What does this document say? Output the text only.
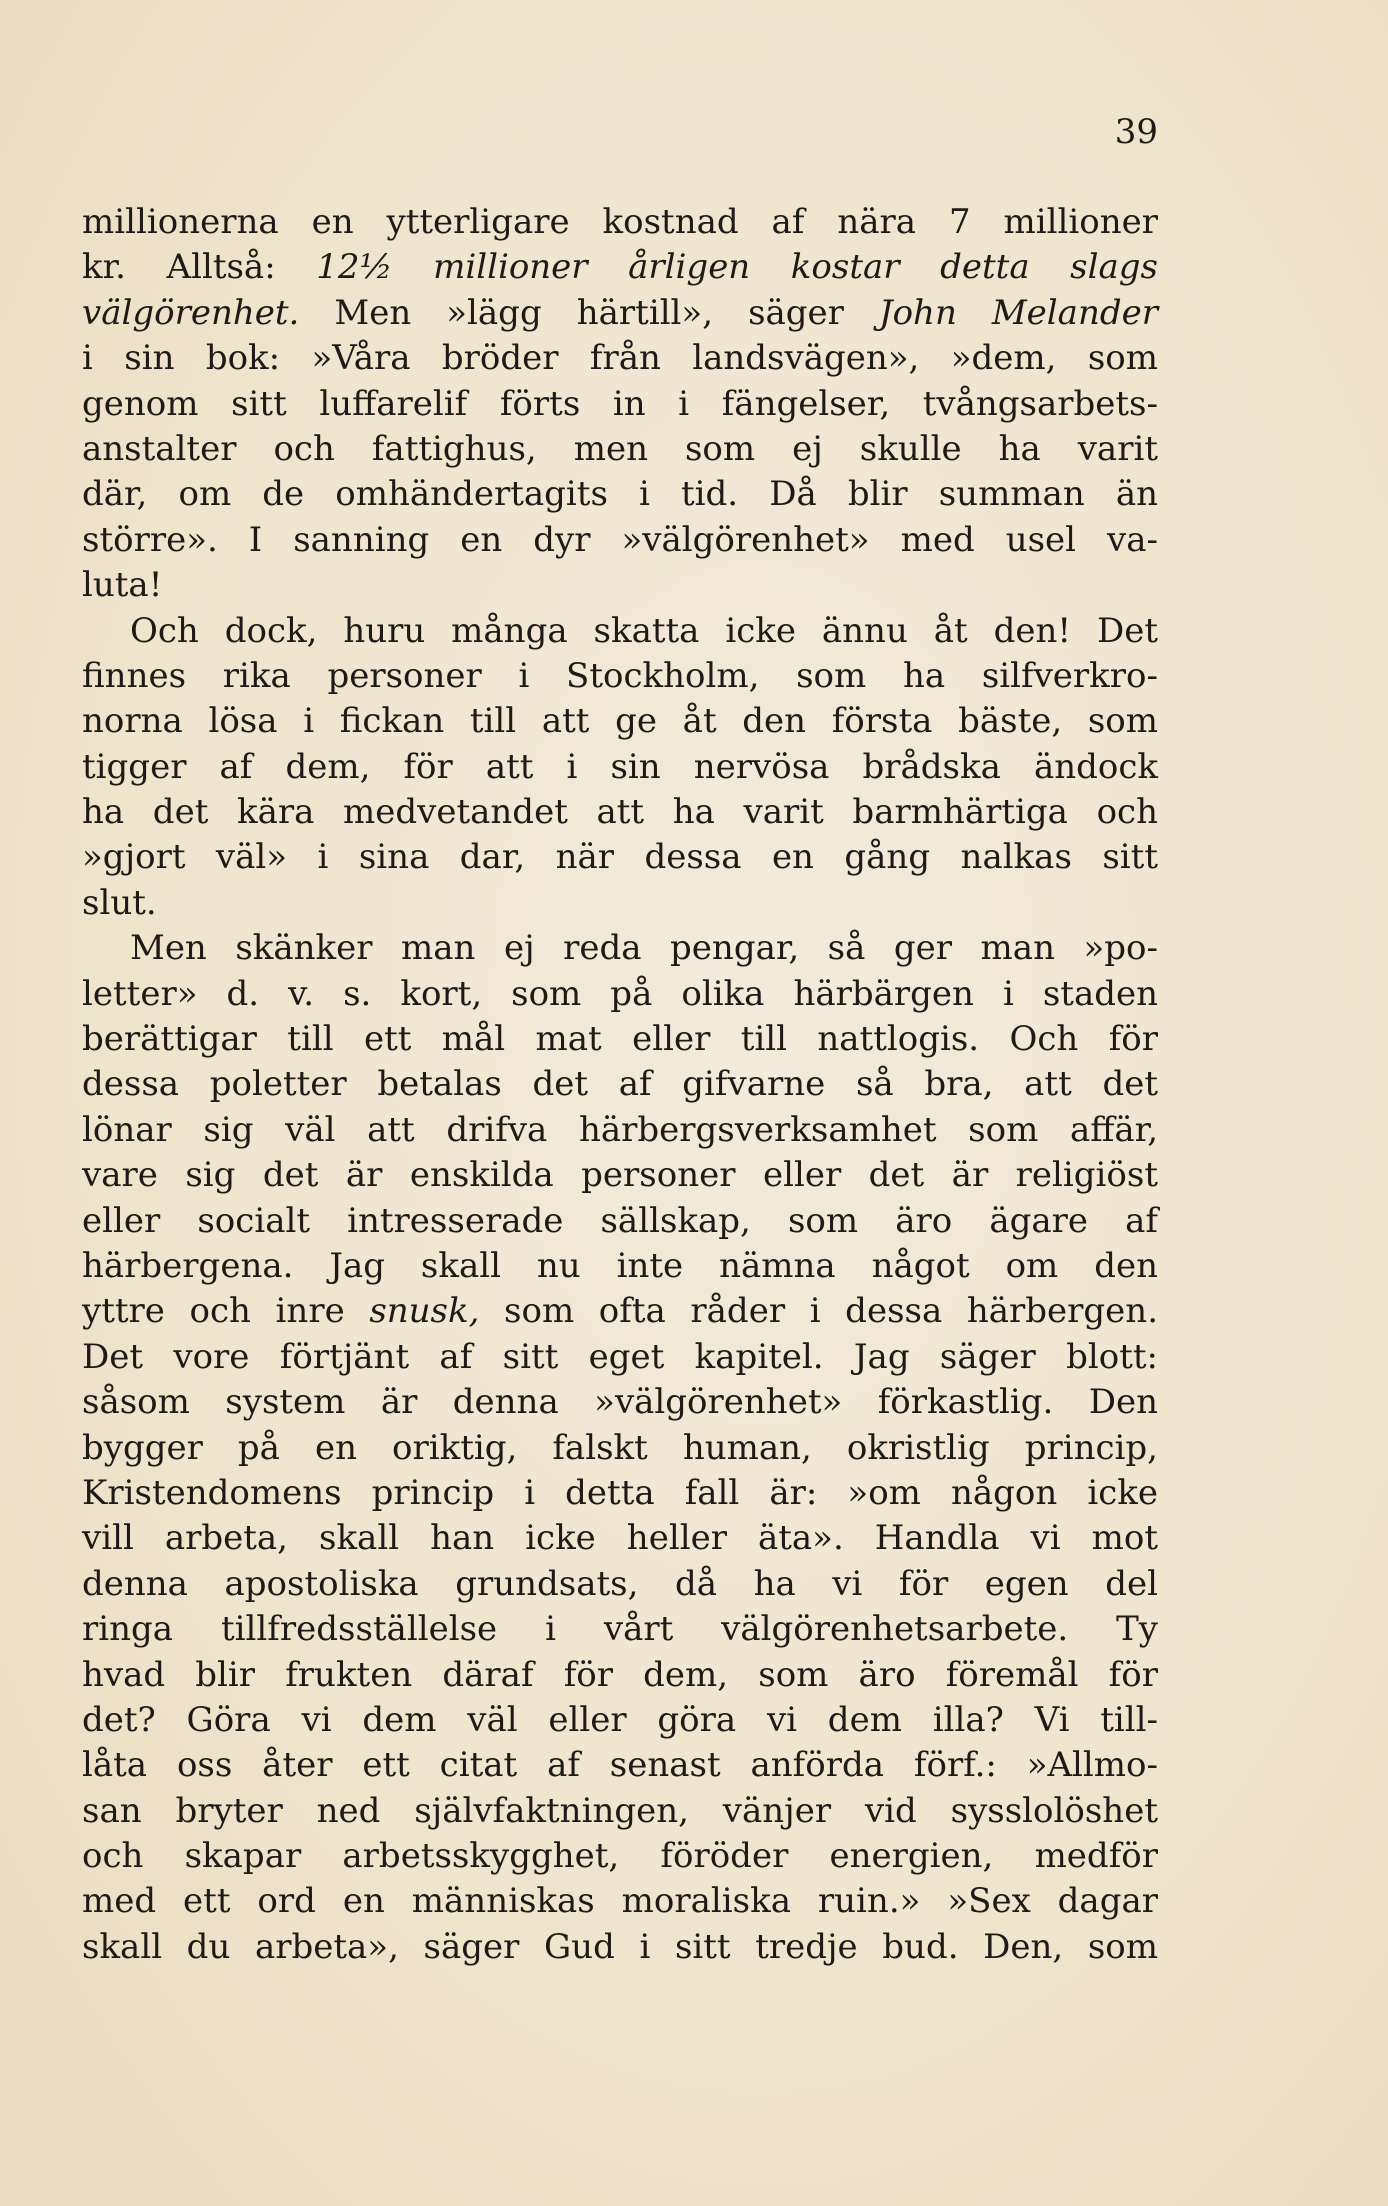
39
millionerna en ytterligare kostnad af nära 7 millioner
kr. Alltså: 12½ millioner årligen kostar detta slags
välgörenhet. Men »lägg härtill», säger John Melander
i sin bok: »Våra bröder från landsvägen», »dem, som
genom sitt luffarelif förts in i fängelser, tvångsarbets-
anstalter och fattighus, men som ej skulle ha varit
där, om de omhändertagits i tid. Då blir summan än
större». I sanning en dyr »välgörenhet» med usel va-
luta!
Och dock, huru många skatta icke ännu åt den! Det
finnes rika personer i Stockholm, som ha silfverkro-
norna lösa i fickan till att ge åt den första bäste, som
tigger af dem, för att i sin nervösa brådska ändock
ha det kära medvetandet att ha varit barmhärtiga och
»gjort väl» i sina dar, när dessa en gång nalkas sitt
slut.
Men skänker man ej reda pengar, så ger man »po-
letter» d. v. s. kort, som på olika härbärgen i staden
berättigar till ett mål mat eller till nattlogis. Och för
dessa poletter betalas det af gifvarne så bra, att det
lönar sig väl att drifva härbergsverksamhet som affär,
vare sig det är enskilda personer eller det är religiöst
eller socialt intresserade sällskap, som äro ägare af
härbergena. Jag skall nu inte nämna något om den
yttre och inre snusk, som ofta råder i dessa härbergen.
Det vore förtjänt af sitt eget kapitel. Jag säger blott:
såsom system är denna »välgörenhet» förkastlig. Den
bygger på en oriktig, falskt human, okristlig princip,
Kristendomens princip i detta fall är: »om någon icke
vill arbeta, skall han icke heller äta». Handla vi mot
denna apostoliska grundsats, då ha vi för egen del
ringa tillfredsställelse i vårt välgörenhetsarbete. Ty
hvad blir frukten däraf för dem, som äro föremål för
det? Göra vi dem väl eller göra vi dem illa? Vi till-
låta oss åter ett citat af senast anförda förf.: »Allmo-
san bryter ned självfaktningen, vänjer vid sysslolöshet
och skapar arbetsskygghet, föröder energien, medför
med ett ord en människas moraliska ruin.» »Sex dagar
skall du arbeta», säger Gud i sitt tredje bud. Den, som
